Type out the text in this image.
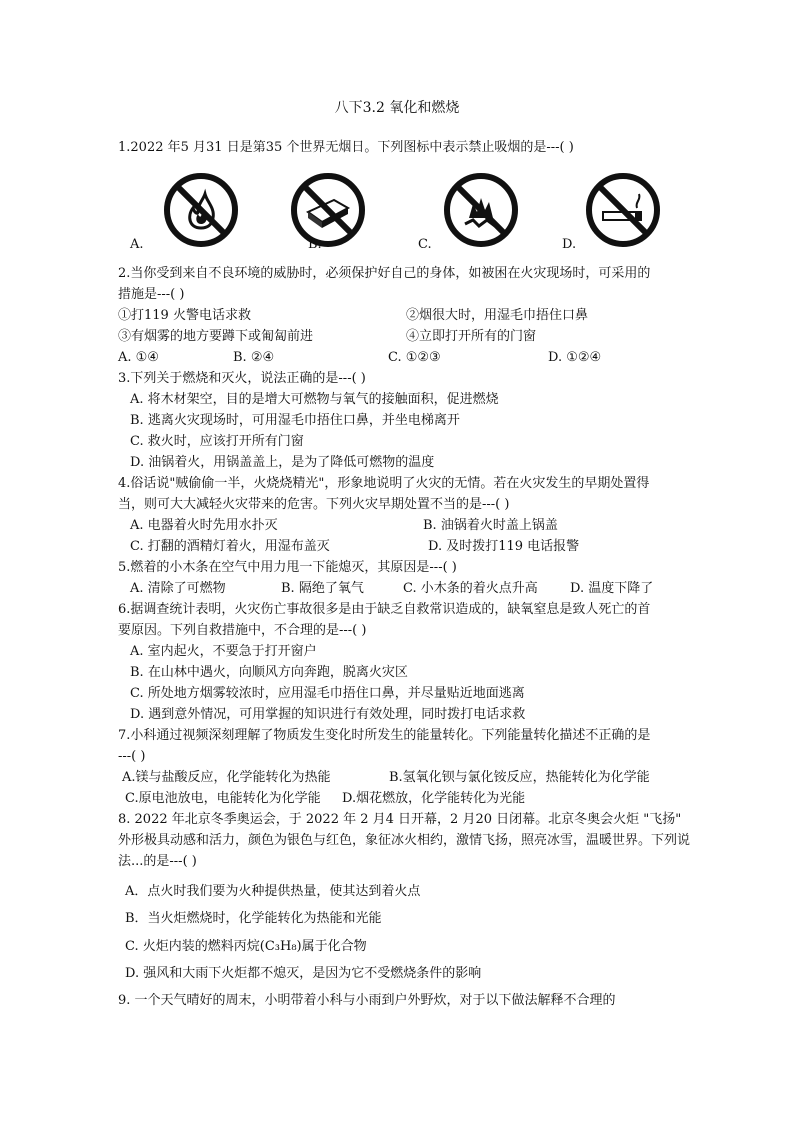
八下3.2 氧化和燃烧
1.2022 年5 月31 日是第35 个世界无烟日。下列图标中表示禁止吸烟的是---( )
A.	B.	C.	D.
2.当你受到来自不良环境的威胁时，必须保护好自己的身体，如被困在火灾现场时，可采用的
措施是---( )
①打119 火警电话求救	②烟很大时，用湿毛巾捂住口鼻
③有烟雾的地方要蹲下或匍匐前进	④立即打开所有的门窗
A. ①④	B. ②④	C. ①②③	D. ①②④
3.下列关于燃烧和灭火，说法正确的是---( )
A. 将木材架空，目的是增大可燃物与氧气的接触面积，促进燃烧
B. 逃离火灾现场时，可用湿毛巾捂住口鼻，并坐电梯离开
C. 救火时，应该打开所有门窗
D. 油锅着火，用锅盖盖上，是为了降低可燃物的温度
4.俗话说"贼偷偷一半，火烧烧精光"，形象地说明了火灾的无情。若在火灾发生的早期处置得
当，则可大大减轻火灾带来的危害。下列火灾早期处置不当的是---( )
A. 电器着火时先用水扑灭	B. 油锅着火时盖上锅盖
C. 打翻的酒精灯着火，用湿布盖灭	D. 及时拨打119 电话报警
5.燃着的小木条在空气中用力甩一下能熄灭，其原因是---( )
A. 清除了可燃物	B. 隔绝了氧气	C. 小木条的着火点升高 D. 温度下降了
6.据调查统计表明，火灾伤亡事故很多是由于缺乏自救常识造成的，缺氧窒息是致人死亡的首
要原因。下列自救措施中，不合理的是---( )
A. 室内起火，不要急于打开窗户
B. 在山林中遇火，向顺风方向奔跑，脱离火灾区
C. 所处地方烟雾较浓时，应用湿毛巾捂住口鼻，并尽量贴近地面逃离
D. 遇到意外情况，可用掌握的知识进行有效处理，同时拨打电话求救
7.小科通过视频深刻理解了物质发生变化时所发生的能量转化。下列能量转化描述不正确的是
---( )
A.镁与盐酸反应，化学能转化为热能	B.氢氧化钡与氯化铵反应，热能转化为化学能
C.原电池放电，电能转化为化学能 D.烟花燃放，化学能转化为光能
8. 2022 年北京冬季奥运会，于 2022 年 2 月4 日开幕，2 月20 日闭幕。北京冬奥会火炬 "飞扬"
外形极具动感和活力，颜色为银色与红色，象征冰火相约，激情飞扬，照亮冰雪，温暖世界。下列说
法...的是---( )
A．点火时我们要为火种提供热量，使其达到着火点
B．当火炬燃烧时，化学能转化为热能和光能
C. 火炬内装的燃料丙烷(C₃H₈)属于化合物
D. 强风和大雨下火炬都不熄灭，是因为它不受燃烧条件的影响
9. 一个天气晴好的周末，小明带着小科与小雨到户外野炊，对于以下做法解释不合理的
